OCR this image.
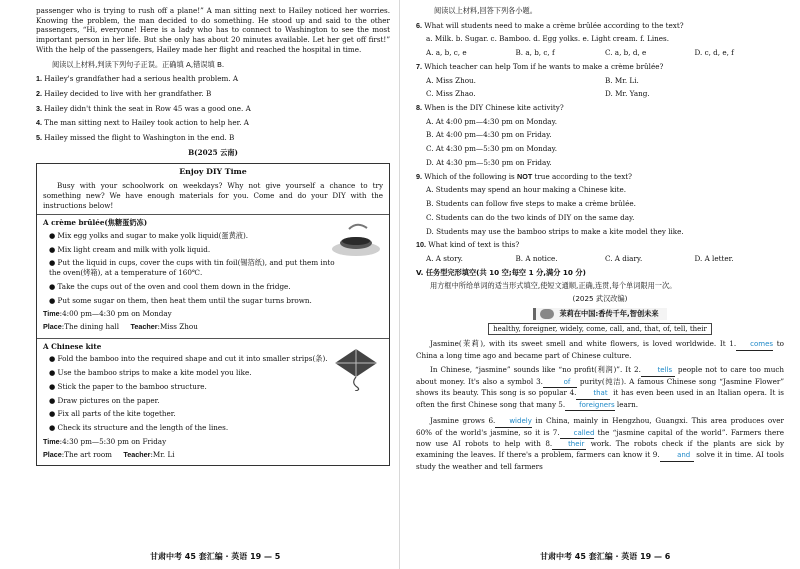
passenger who is trying to rush off a plane!” A man sitting next to Hailey noticed her worries. Knowing the problem, the man decided to do something. He stood up and said to the other passengers, “Hi, everyone! Here is a lady who has to connect to Washington to see the most important person in her life. But she only has about 20 minutes available. Let her get off first!” With the help of the passengers, Hailey made her flight and reached the hospital in time.

阅读以上材料,判读下列句子正误。正确填 A,错误填 B.

1. Hailey's grandfather had a serious health problem. A

2. Hailey decided to live with her grandfather. B

3. Hailey didn't think the seat in Row 45 was a good one. A

4. The man sitting next to Hailey took action to help her. A

5. Hailey missed the flight to Washington in the end. B

B(2025 云南)

Enjoy DIY Time

Busy with your schoolwork on weekdays? Why not give yourself a chance to try something new? We have enough materials for you. Come and do your DIY with the instructions below!

A crème brûlée(焦糖蛋奶冻)

● Mix egg yolks and sugar to make yolk liquid(蛋黄液).

● Mix light cream and milk with yolk liquid.

● Put the liquid in cups, cover the cups with tin foil(锡箔纸), and put them into the oven(烤箱), at a temperature of 160℃.

● Take the cups out of the oven and cool them down in the fridge.

● Put some sugar on them, then heat them until the sugar turns brown.

Time:4:00 pm—4:30 pm on Monday

Place:The dining hall Teacher:Miss Zhou

A Chinese kite

● Fold the bamboo into the required shape and cut it into smaller strips(条).

● Use the bamboo strips to make a kite model you like.

● Stick the paper to the bamboo structure.

● Draw pictures on the paper.

● Fix all parts of the kite together.

● Check its structure and the length of the lines.

Time:4:30 pm—5:30 pm on Friday

Place:The art room Teacher:Mr. Li

甘肃中考 45 套汇编 · 英语 19 — 5

阅读以上材料,回答下列各小题。

6. What will students need to make a crème brûlée according to the text?

a. Milk. b. Sugar. c. Bamboo. d. Egg yolks. e. Light cream. f. Lines.

A. a, b, c, e	B. a, b, c, f	C. a, b, d, e	D. c, d, e, f

7. Which teacher can help Tom if he wants to make a crème brûlée?

A. Miss Zhou.	B. Mr. Li.
C. Miss Zhao.	D. Mr. Yang.

8. When is the DIY Chinese kite activity?

A. At 4:00 pm—4:30 pm on Monday.

B. At 4:00 pm—4:30 pm on Friday.

C. At 4:30 pm—5:30 pm on Monday.

D. At 4:30 pm—5:30 pm on Friday.

9. Which of the following is NOT true according to the text?

A. Students may spend an hour making a Chinese kite.

B. Students can follow five steps to make a crème brûlée.

C. Students can do the two kinds of DIY on the same day.

D. Students may use the bamboo strips to make a kite model they like.

10. What kind of text is this?

A. A story.	B. A notice.	C. A diary.	D. A letter.

V. 任务型完形填空(共 10 空;每空 1 分,满分 10 分)

用方框中所给单词的适当形式填空,使短文通顺,正确,连贯,每个单词限用一次。

(2025 武汉改编)

茉莉在中国:香传千年,智创未来
healthy, foreigner, widely, come, call, and, that, of, tell, their

Jasmine(茉莉), with its sweet smell and white flowers, is loved worldwide. It 1. comes to China a long time ago and became part of Chinese culture.

In Chinese, “jasmine” sounds like “no profit(利润)”. It 2. tells people not to care too much about money. It's also a symbol 3.	of purity(纯洁). A famous Chinese song “Jasmine Flower” shows its beauty. This song is so popular 4. that it has even been used in an Italian opera. It is often the first Chinese song that many 5. foreigners learn.

Jasmine grows 6. widely in China, mainly in Hengzhou, Guangxi. This area produces over 60% of the world's jasmine, so it is 7. called the “jasmine capital of the world”. Farmers there now use AI robots to help with 8. their work. The robots check if the plants are sick by examining the leaves. If there's a problem, farmers can know it 9. and solve it in time. AI tools study the weather and tell farmers

甘肃中考 45 套汇编 · 英语 19 — 6
